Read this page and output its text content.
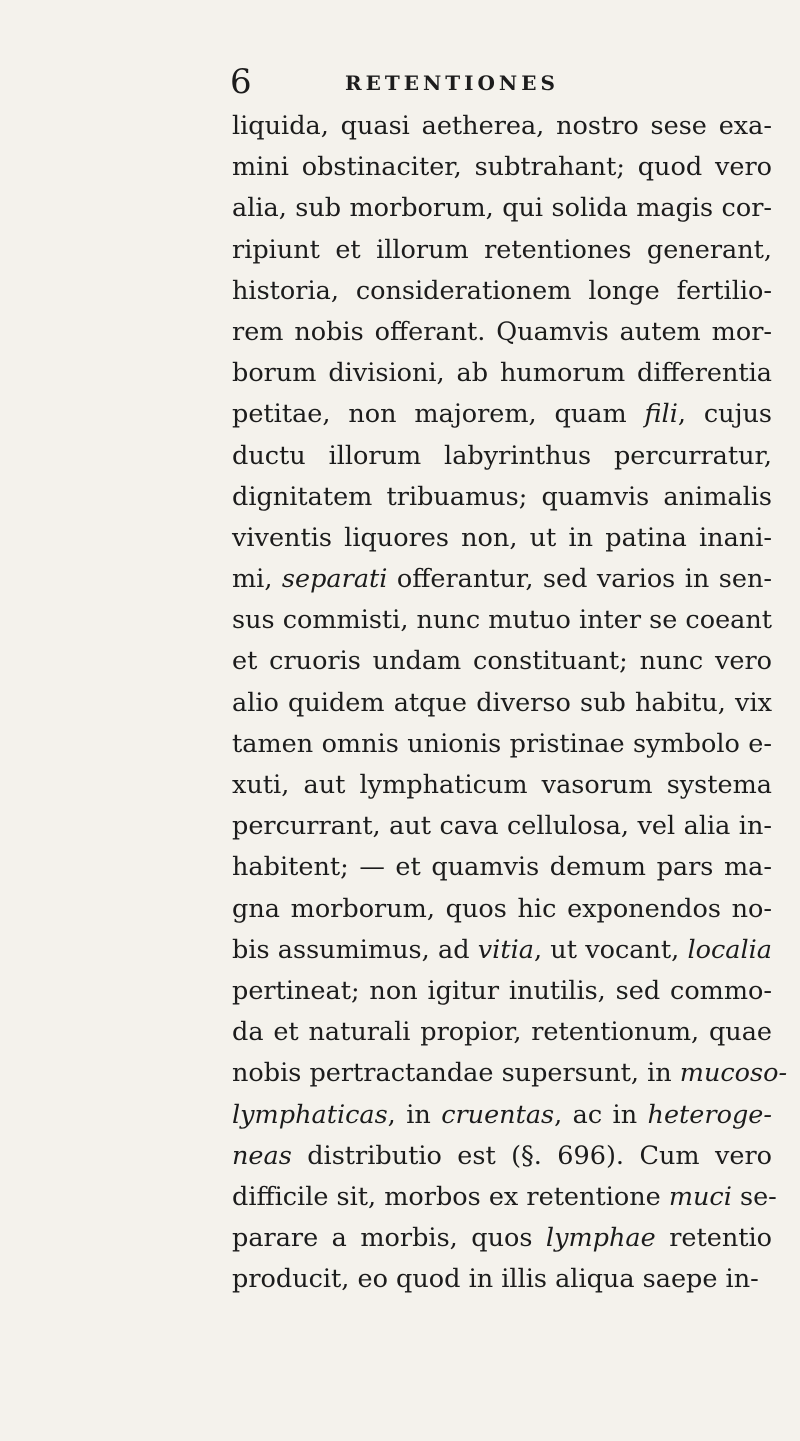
6	RETENTIONES
liquida, quasi aetherea, nostro sese exa-
mini obstinaciter, subtrahant; quod vero
alia, sub morborum, qui solida magis cor-
ripiunt et illorum retentiones generant,
historia, considerationem longe fertilio-
rem nobis offerant. Quamvis autem mor-
borum divisioni, ab humorum differentia
petitae, non majorem, quam fili, cujus
ductu illorum labyrinthus percurratur,
dignitatem tribuamus; quamvis animalis
viventis liquores non, ut in patina inani-
mi, separati offerantur, sed varios in sen-
sus commisti, nunc mutuo inter se coeant
et cruoris undam constituant; nunc vero
alio quidem atque diverso sub habitu, vix
tamen omnis unionis pristinae symbolo e-
xuti, aut lymphaticum vasorum systema
percurrant, aut cava cellulosa, vel alia in-
habitent; — et quamvis demum pars ma-
gna morborum, quos hic exponendos no-
bis assumimus, ad vitia, ut vocant, localia
pertineat; non igitur inutilis, sed commo-
da et naturali propior, retentionum, quae
nobis pertractandae supersunt, in mucoso-
lymphaticas, in cruentas, ac in heteroge-
neas distributio est (§. 696). Cum vero
difficile sit, morbos ex retentione muci se-
parare a morbis, quos lymphae retentio
producit, eo quod in illis aliqua saepe in-
